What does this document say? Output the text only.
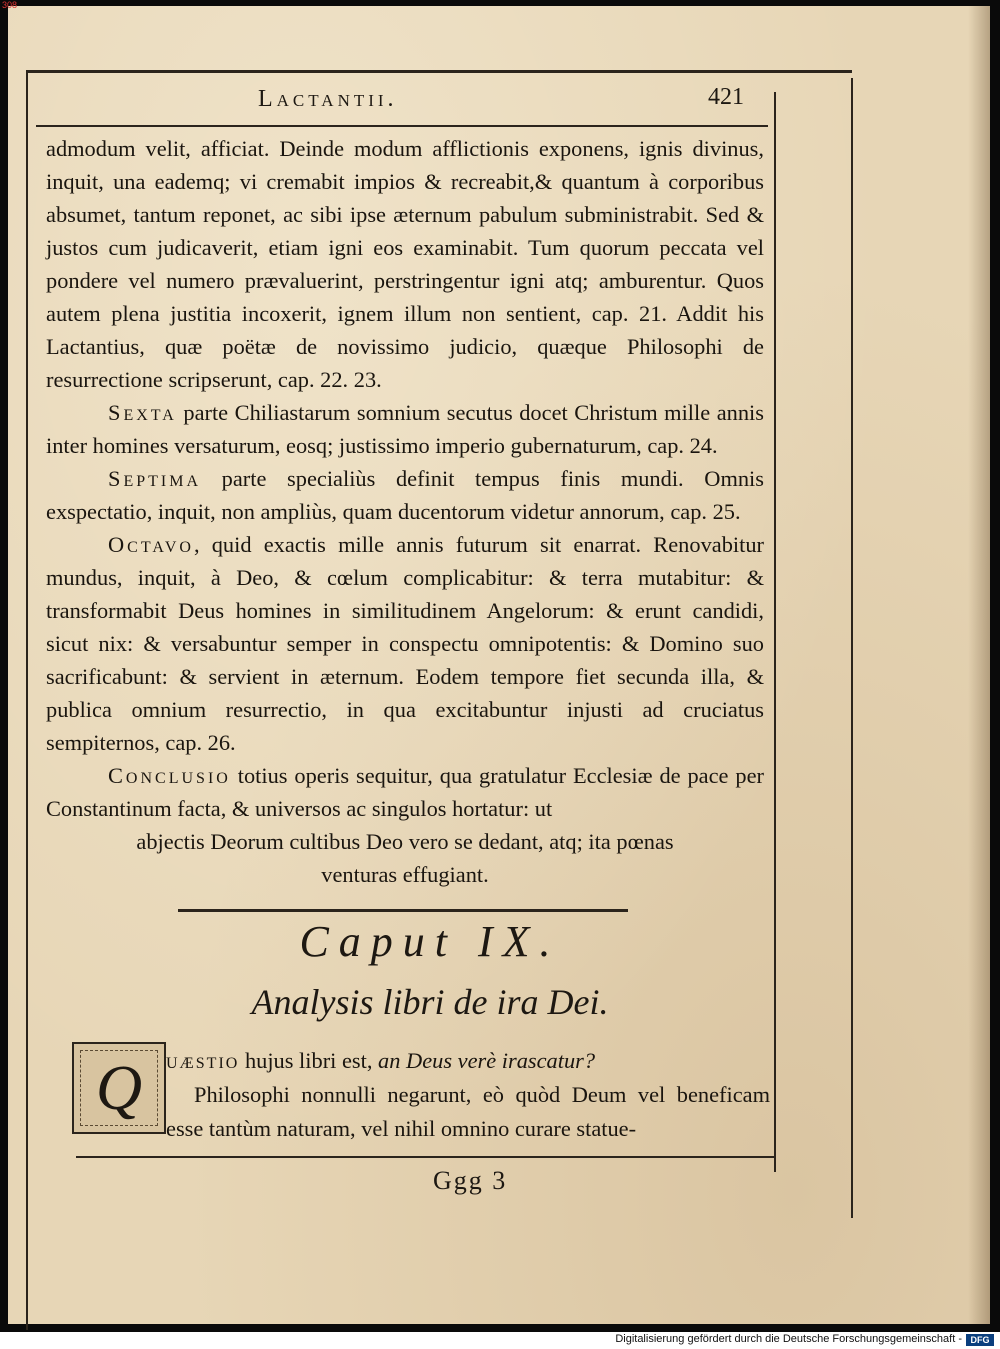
Lactantii.	421

admodum velit, afficiat. Deinde modum afflictionis exponens, ignis divinus, inquit, una eademq; vi cremabit impios & recreabit,& quantum à corporibus absumet, tantum reponet, ac sibi ipse æternum pabulum subministrabit. Sed & justos cum judicaverit, etiam igni eos examinabit. Tum quorum peccata vel pondere vel numero prævaluerint, perstringentur igni atq; amburentur. Quos autem plena justitia incoxerit, ignem illum non sentient, cap. 21. Addit his Lactantius, quæ poëtæ de novissimo judicio, quæque Philosophi de resurrectione scripserunt, cap. 22. 23.

Sexta parte Chiliastarum somnium secutus docet Christum mille annis inter homines versaturum, eosq; justissimo imperio gubernaturum, cap. 24.

Septima parte specialiùs definit tempus finis mundi. Omnis exspectatio, inquit, non ampliùs, quam ducentorum videtur annorum, cap. 25.

Octavo, quid exactis mille annis futurum sit enarrat. Renovabitur mundus, inquit, à Deo, & cœlum complicabitur: & terra mutabitur: & transformabit Deus homines in similitudinem Angelorum: & erunt candidi, sicut nix: & versabuntur semper in conspectu omnipotentis: & Domino suo sacrificabunt: & servient in æternum. Eodem tempore fiet secunda illa, & publica omnium resurrectio, in qua excitabuntur injusti ad cruciatus sempiternos, cap. 26.

Conclusio totius operis sequitur, qua gratulatur Ecclesiæ de pace per Constantinum facta, & universos ac singulos hortatur: ut

abjectis Deorum cultibus Deo vero se dedant, atq; ita pœnas

venturas effugiant.

Caput IX.
Analysis libri de ira Dei.
Q uæstio hujus libri est, an Deus verè irascatur?

Philosophi nonnulli negarunt, eò quòd Deum vel beneficam esse tantùm naturam, vel nihil omnino curare statue-

Ggg 3
308
Digitalisierung gefördert durch die Deutsche Forschungsgemeinschaft - DFG
